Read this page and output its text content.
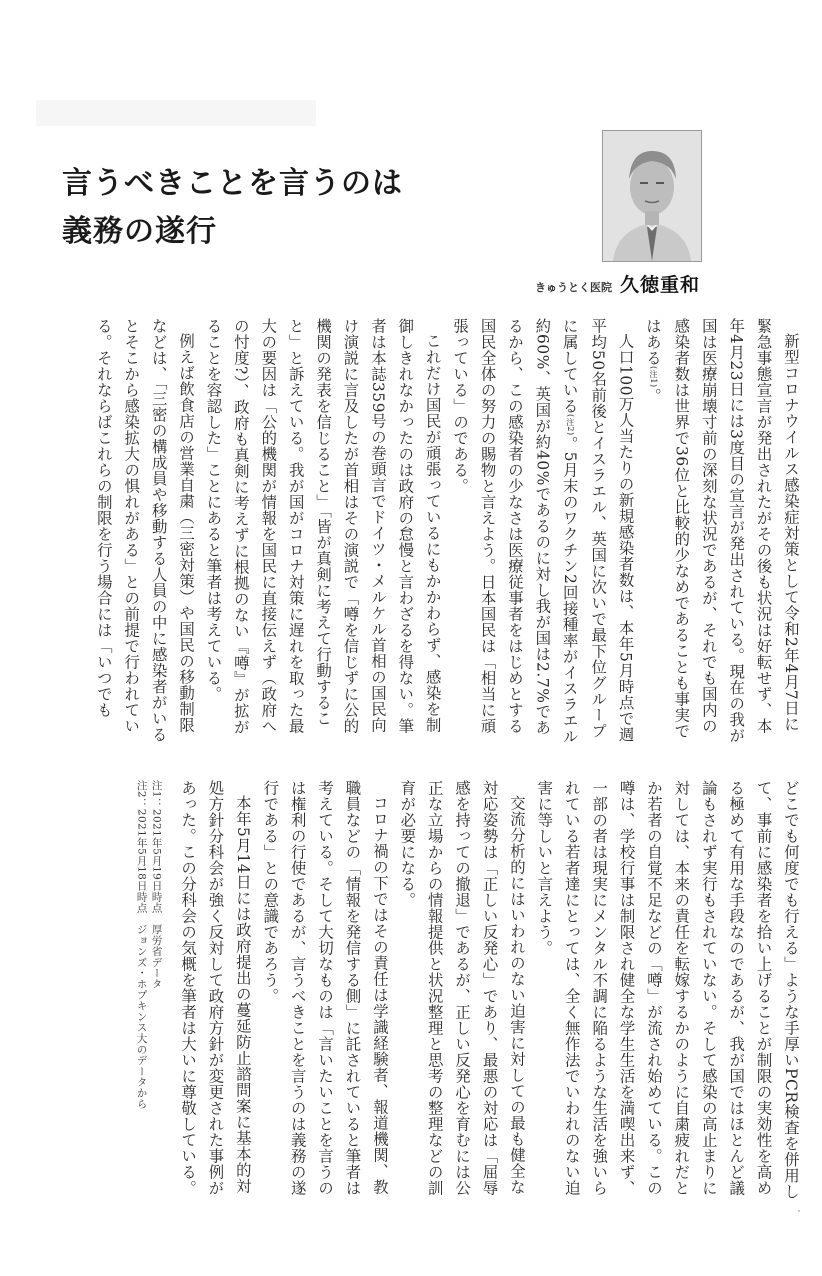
言うべきことを言うのは
義務の遂行
きゅうとく医院 久徳重和

新型コロナウイルス感染症対策として令和2年4月7日に緊急事態宣言が発出されたがその後も状況は好転せず、本年4月23日には3度目の宣言が発出されている。現在の我が国は医療崩壊寸前の深刻な状況であるが、それでも国内の感染者数は世界で36位と比較的少なめであることも事実ではある(注1)。

人口100万人当たりの新規感染者数は、本年5月時点で週平均50名前後とイスラエル、英国に次いで最下位グループに属している(注2)。5月末のワクチン2回接種率がイスラエル約60%、英国が約40%であるのに対し我が国は2.7%であるから、この感染者の少なさは医療従事者をはじめとする国民全体の努力の賜物と言えよう。日本国民は「相当に頑張っている」のである。

これだけ国民が頑張っているにもかかわらず、感染を制御しきれなかったのは政府の怠慢と言わざるを得ない。筆者は本誌359号の巻頭言でドイツ・メルケル首相の国民向け演説に言及したが首相はその演説で「噂を信じずに公的機関の発表を信じること」「皆が真剣に考えて行動すること」と訴えている。我が国がコロナ対策に遅れを取った最大の要因は「公的機関が情報を国民に直接伝えず（政府への忖度?）、政府も真剣に考えずに根拠のない『噂』が拡がることを容認した」ことにあると筆者は考えている。

例えば飲食店の営業自粛（三密対策）や国民の移動制限などは、「三密の構成員や移動する人員の中に感染者がいるとそこから感染拡大の惧れがある」との前提で行われている。それならばこれらの制限を行う場合には「いつでも

どこでも何度でも行える」ような手厚いPCR検査を併用して、事前に感染者を拾い上げることが制限の実効性を高める極めて有用な手段なのであるが、我が国ではほとんど議論もされず実行もされていない。そして感染の高止まりに対しては、本来の責任を転嫁するかのように自粛疲れだとか若者の自覚不足などの「噂」が流され始めている。この噂は、学校行事は制限され健全な学生生活を満喫出来ず、一部の者は現実にメンタル不調に陥るような生活を強いられている若者達にとっては、全く無作法でいわれのない迫害に等しいと言えよう。

交流分析的にはいわれのない迫害に対しての最も健全な対応姿勢は「正しい反発心」であり、最悪の対応は「屈辱感を持っての撤退」であるが、正しい反発心を育むには公正な立場からの情報提供と状況整理と思考の整理などの訓育が必要になる。

コロナ禍の下ではその責任は学識経験者、報道機関、教職員などの「情報を発信する側」に託されていると筆者は考えている。そして大切なものは「言いたいことを言うのは権利の行使であるが、言うべきことを言うのは義務の遂行である」との意識であろう。

本年5月14日には政府提出の蔓延防止諮問案に基本的対処方針分科会が強く反対して政府方針が変更された事例があった。この分科会の気概を筆者は大いに尊敬している。

注1：2021年5月19日時点　厚労省データ
注2：2021年5月18日時点　ジョンズ・ホプキンス大のデータから
